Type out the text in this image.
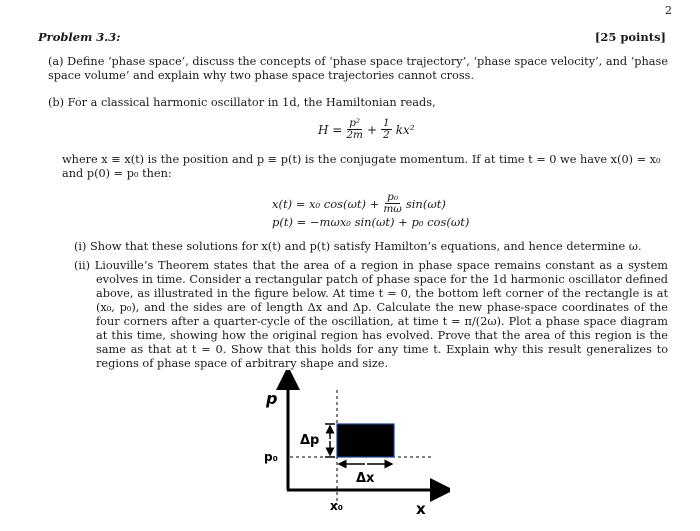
2
Problem 3.3:	[25 points]
(a) Define ‘phase space’, discuss the concepts of ‘phase space trajectory’, ‘phase space velocity’, and ‘phase space volume’ and explain why two phase space trajectories cannot cross.
(b) For a classical harmonic oscillator in 1d, the Hamiltonian reads,
$H = \frac{\text{p²}}{2m} + \frac{1}{2} kx^2$
where x ≡ x(t) is the position and p ≡ p(t) is the conjugate momentum. If at time t = 0 we have x(0) = x₀ and p(0) = p₀ then:
x(t) = x₀ $\cos(\omega t) + \frac{\text{p₀}}{m\omega} \sin(\omega t)$
p(t) = −mωx₀ sin(ωt) + p₀ cos(ωt)
(i) Show that these solutions for x(t) and p(t) satisfy Hamilton’s equations, and hence determine ω.
(ii) Liouville’s Theorem states that the area of a region in phase space remains constant as a system evolves in time. Consider a rectangular patch of phase space for the 1d harmonic oscillator defined above, as illustrated in the figure below. At time t = 0, the bottom left corner of the rectangle is at (x₀, p₀), and the sides are of length Δx and Δp. Calculate the new phase-space coordinates of the four corners after a quarter-cycle of the oscillation, at time t = π/(2ω). Plot a phase space diagram at this time, showing how the original region has evolved. Prove that the area of this region is the same as that at t = 0. Show that this holds for any time t. Explain why this result generalizes to regions of phase space of arbitrary shape and size.
p
x
p₀
x₀
Δp
Δx
